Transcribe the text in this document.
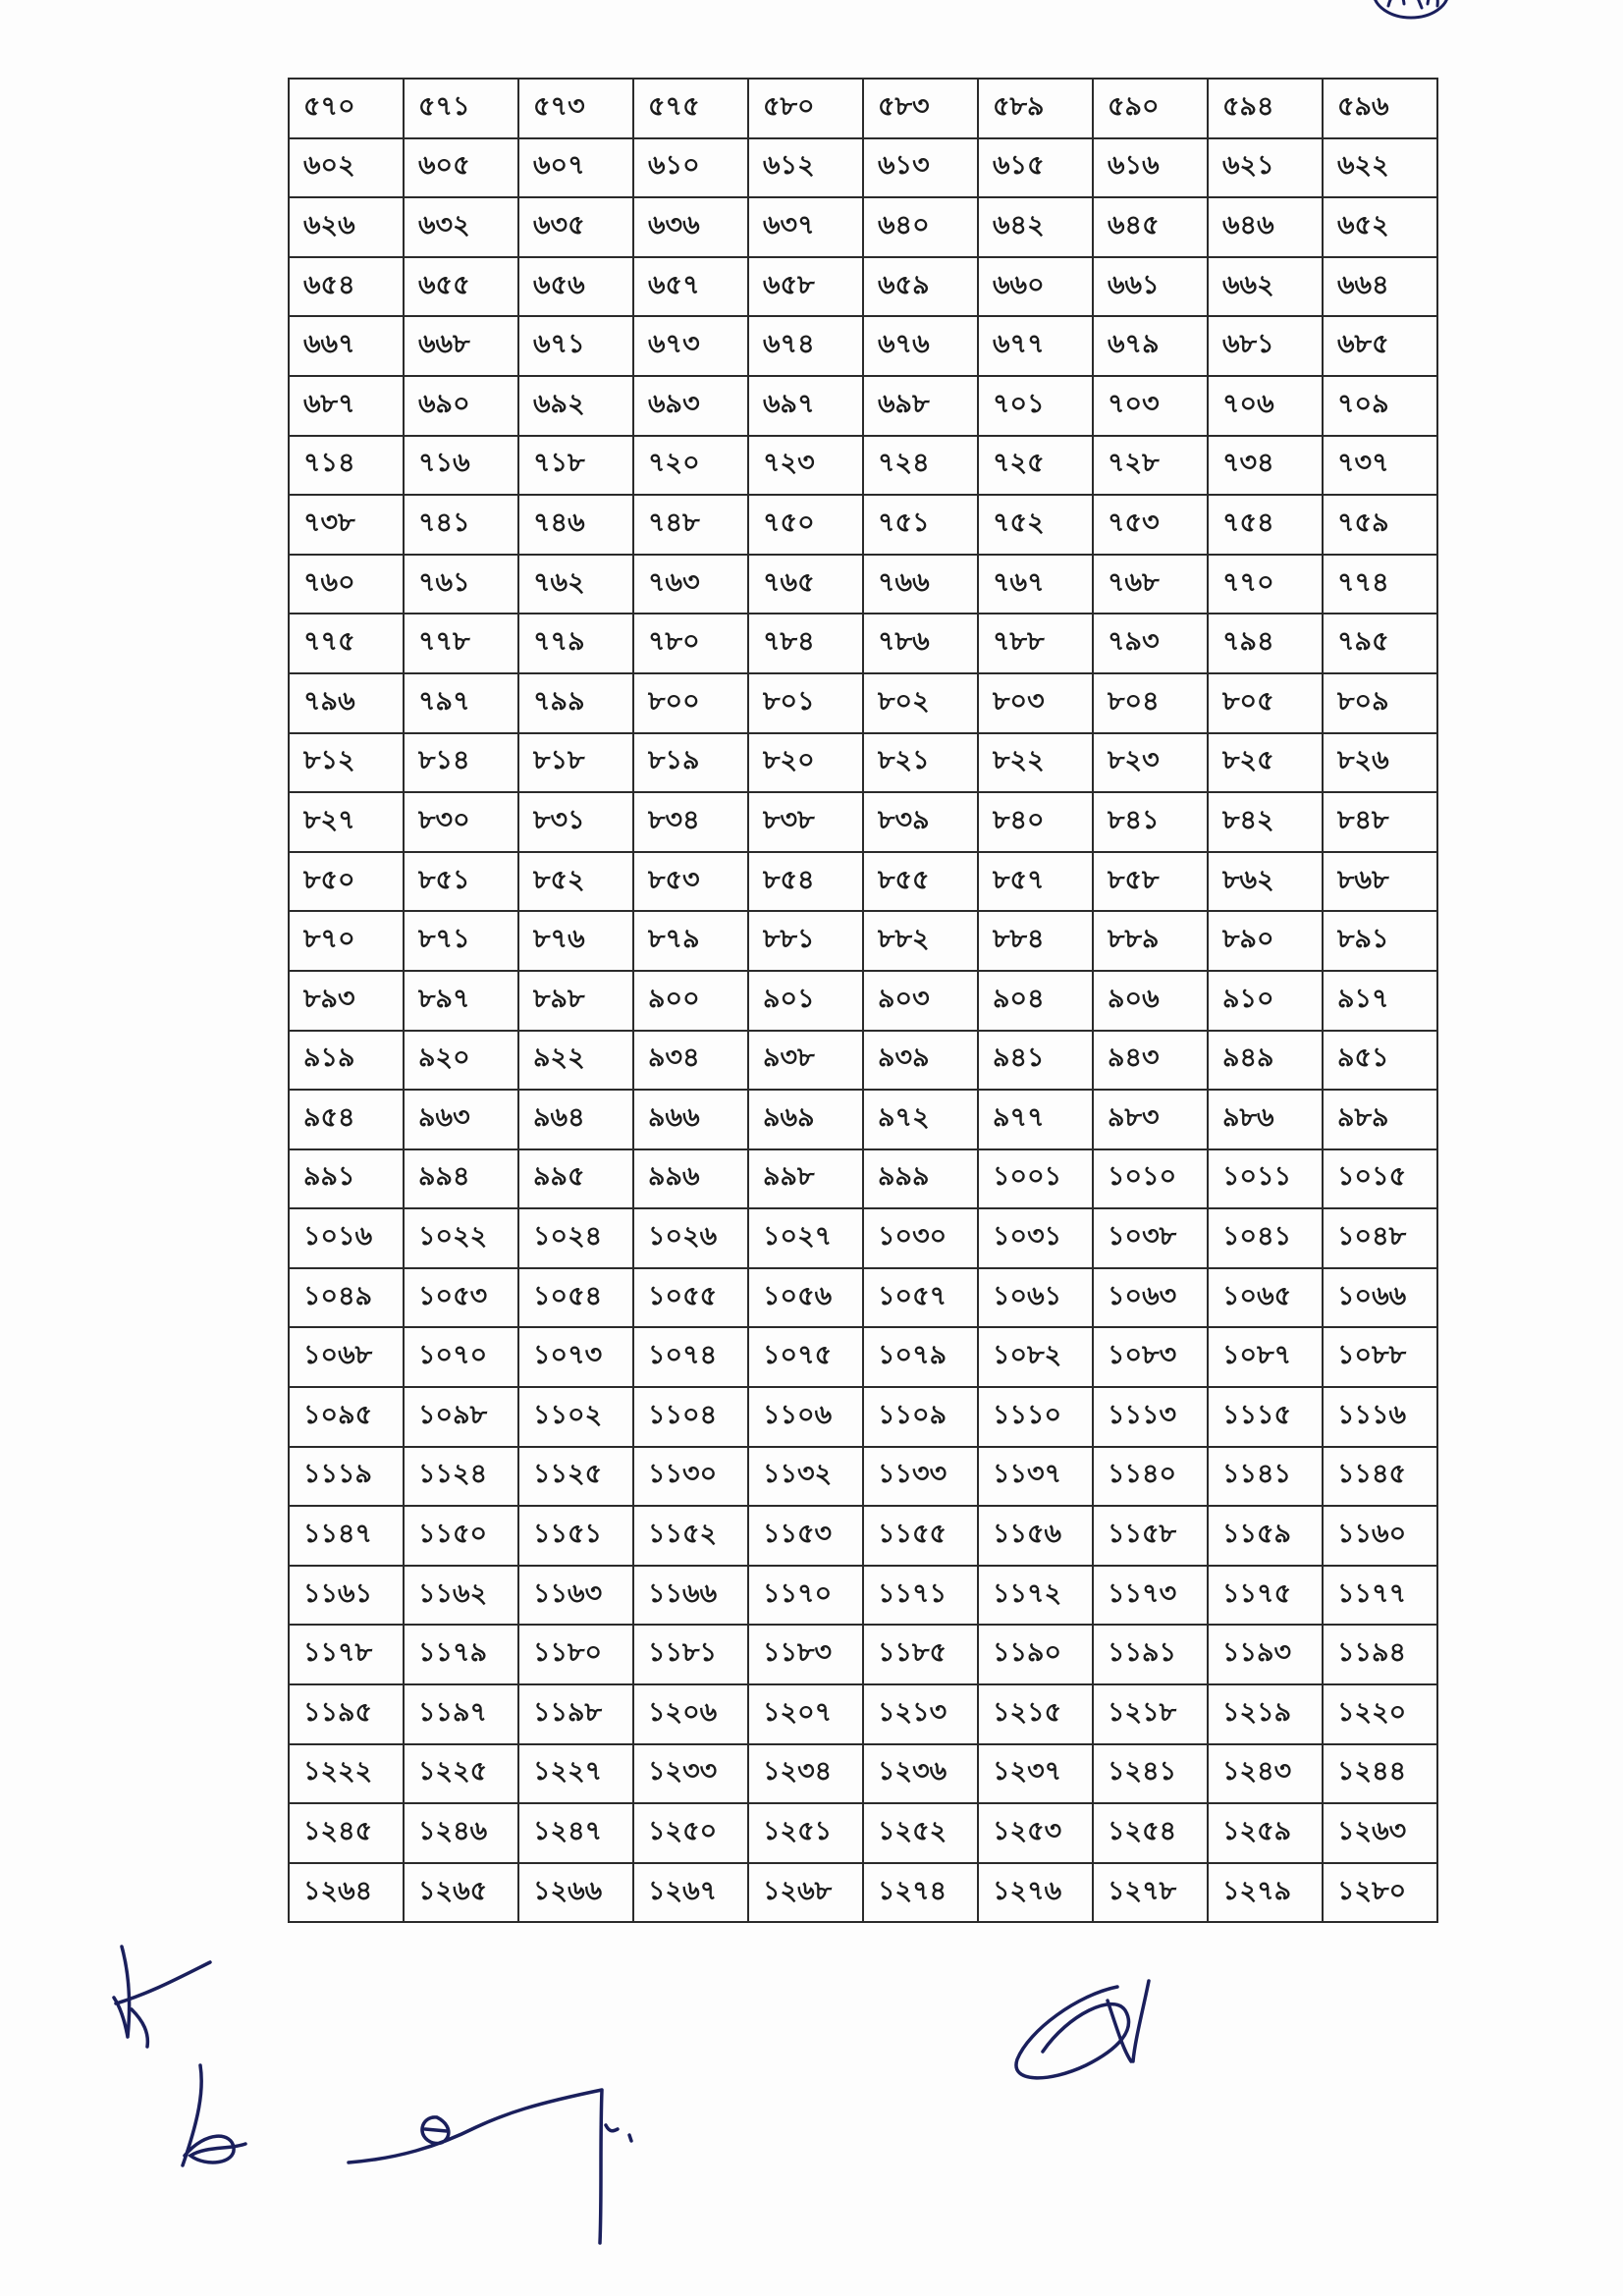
৫৭০	৫৭১	৫৭৩	৫৭৫	৫৮০	৫৮৩	৫৮৯	৫৯০	৫৯৪	৫৯৬
৬০২	৬০৫	৬০৭	৬১০	৬১২	৬১৩	৬১৫	৬১৬	৬২১	৬২২
৬২৬	৬৩২	৬৩৫	৬৩৬	৬৩৭	৬৪০	৬৪২	৬৪৫	৬৪৬	৬৫২
৬৫৪	৬৫৫	৬৫৬	৬৫৭	৬৫৮	৬৫৯	৬৬০	৬৬১	৬৬২	৬৬৪
৬৬৭	৬৬৮	৬৭১	৬৭৩	৬৭৪	৬৭৬	৬৭৭	৬৭৯	৬৮১	৬৮৫
৬৮৭	৬৯০	৬৯২	৬৯৩	৬৯৭	৬৯৮	৭০১	৭০৩	৭০৬	৭০৯
৭১৪	৭১৬	৭১৮	৭২০	৭২৩	৭২৪	৭২৫	৭২৮	৭৩৪	৭৩৭
৭৩৮	৭৪১	৭৪৬	৭৪৮	৭৫০	৭৫১	৭৫২	৭৫৩	৭৫৪	৭৫৯
৭৬০	৭৬১	৭৬২	৭৬৩	৭৬৫	৭৬৬	৭৬৭	৭৬৮	৭৭০	৭৭৪
৭৭৫	৭৭৮	৭৭৯	৭৮০	৭৮৪	৭৮৬	৭৮৮	৭৯৩	৭৯৪	৭৯৫
৭৯৬	৭৯৭	৭৯৯	৮০০	৮০১	৮০২	৮০৩	৮০৪	৮০৫	৮০৯
৮১২	৮১৪	৮১৮	৮১৯	৮২০	৮২১	৮২২	৮২৩	৮২৫	৮২৬
৮২৭	৮৩০	৮৩১	৮৩৪	৮৩৮	৮৩৯	৮৪০	৮৪১	৮৪২	৮৪৮
৮৫০	৮৫১	৮৫২	৮৫৩	৮৫৪	৮৫৫	৮৫৭	৮৫৮	৮৬২	৮৬৮
৮৭০	৮৭১	৮৭৬	৮৭৯	৮৮১	৮৮২	৮৮৪	৮৮৯	৮৯০	৮৯১
৮৯৩	৮৯৭	৮৯৮	৯০০	৯০১	৯০৩	৯০৪	৯০৬	৯১০	৯১৭
৯১৯	৯২০	৯২২	৯৩৪	৯৩৮	৯৩৯	৯৪১	৯৪৩	৯৪৯	৯৫১
৯৫৪	৯৬৩	৯৬৪	৯৬৬	৯৬৯	৯৭২	৯৭৭	৯৮৩	৯৮৬	৯৮৯
৯৯১	৯৯৪	৯৯৫	৯৯৬	৯৯৮	৯৯৯	১০০১	১০১০	১০১১	১০১৫
১০১৬	১০২২	১০২৪	১০২৬	১০২৭	১০৩০	১০৩১	১০৩৮	১০৪১	১০৪৮
১০৪৯	১০৫৩	১০৫৪	১০৫৫	১০৫৬	১০৫৭	১০৬১	১০৬৩	১০৬৫	১০৬৬
১০৬৮	১০৭০	১০৭৩	১০৭৪	১০৭৫	১০৭৯	১০৮২	১০৮৩	১০৮৭	১০৮৮
১০৯৫	১০৯৮	১১০২	১১০৪	১১০৬	১১০৯	১১১০	১১১৩	১১১৫	১১১৬
১১১৯	১১২৪	১১২৫	১১৩০	১১৩২	১১৩৩	১১৩৭	১১৪০	১১৪১	১১৪৫
১১৪৭	১১৫০	১১৫১	১১৫২	১১৫৩	১১৫৫	১১৫৬	১১৫৮	১১৫৯	১১৬০
১১৬১	১১৬২	১১৬৩	১১৬৬	১১৭০	১১৭১	১১৭২	১১৭৩	১১৭৫	১১৭৭
১১৭৮	১১৭৯	১১৮০	১১৮১	১১৮৩	১১৮৫	১১৯০	১১৯১	১১৯৩	১১৯৪
১১৯৫	১১৯৭	১১৯৮	১২০৬	১২০৭	১২১৩	১২১৫	১২১৮	১২১৯	১২২০
১২২২	১২২৫	১২২৭	১২৩৩	১২৩৪	১২৩৬	১২৩৭	১২৪১	১২৪৩	১২৪৪
১২৪৫	১২৪৬	১২৪৭	১২৫০	১২৫১	১২৫২	১২৫৩	১২৫৪	১২৫৯	১২৬৩
১২৬৪	১২৬৫	১২৬৬	১২৬৭	১২৬৮	১২৭৪	১২৭৬	১২৭৮	১২৭৯	১২৮০
